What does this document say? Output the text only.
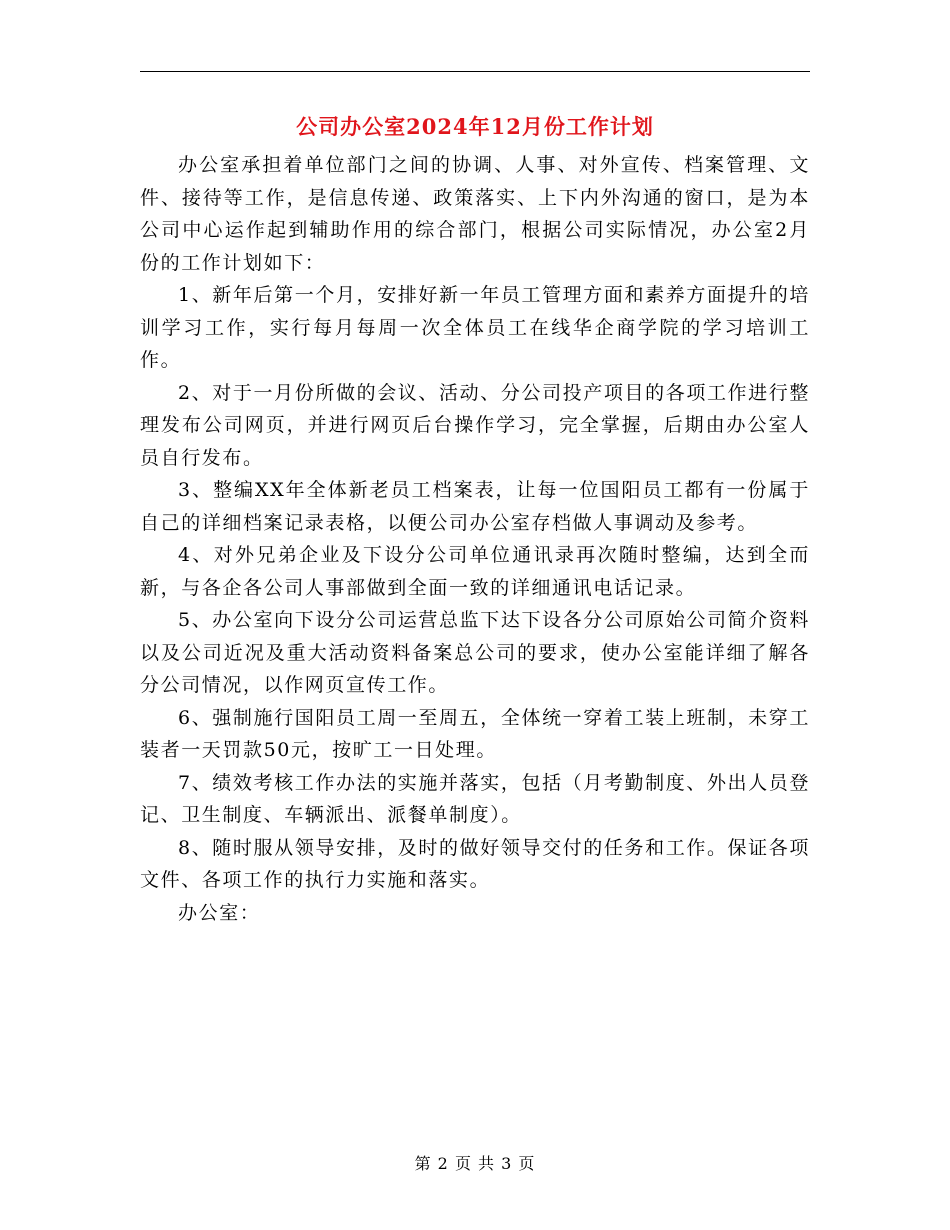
公司办公室2024年12月份工作计划

办公室承担着单位部门之间的协调、人事、对外宣传、档案管理、文件、接待等工作，是信息传递、政策落实、上下内外沟通的窗口，是为本公司中心运作起到辅助作用的综合部门，根据公司实际情况，办公室2月份的工作计划如下：

1、新年后第一个月，安排好新一年员工管理方面和素养方面提升的培训学习工作，实行每月每周一次全体员工在线华企商学院的学习培训工作。

2、对于一月份所做的会议、活动、分公司投产项目的各项工作进行整理发布公司网页，并进行网页后台操作学习，完全掌握，后期由办公室人员自行发布。

3、整编XX年全体新老员工档案表，让每一位国阳员工都有一份属于自己的详细档案记录表格，以便公司办公室存档做人事调动及参考。

4、对外兄弟企业及下设分公司单位通讯录再次随时整编，达到全而新，与各企各公司人事部做到全面一致的详细通讯电话记录。

5、办公室向下设分公司运营总监下达下设各分公司原始公司简介资料以及公司近况及重大活动资料备案总公司的要求，使办公室能详细了解各分公司情况，以作网页宣传工作。

6、强制施行国阳员工周一至周五，全体统一穿着工装上班制，未穿工装者一天罚款50元，按旷工一日处理。

7、绩效考核工作办法的实施并落实，包括（月考勤制度、外出人员登记、卫生制度、车辆派出、派餐单制度）。

8、随时服从领导安排，及时的做好领导交付的任务和工作。保证各项文件、各项工作的执行力实施和落实。

办公室：

第 2 页 共 3 页
